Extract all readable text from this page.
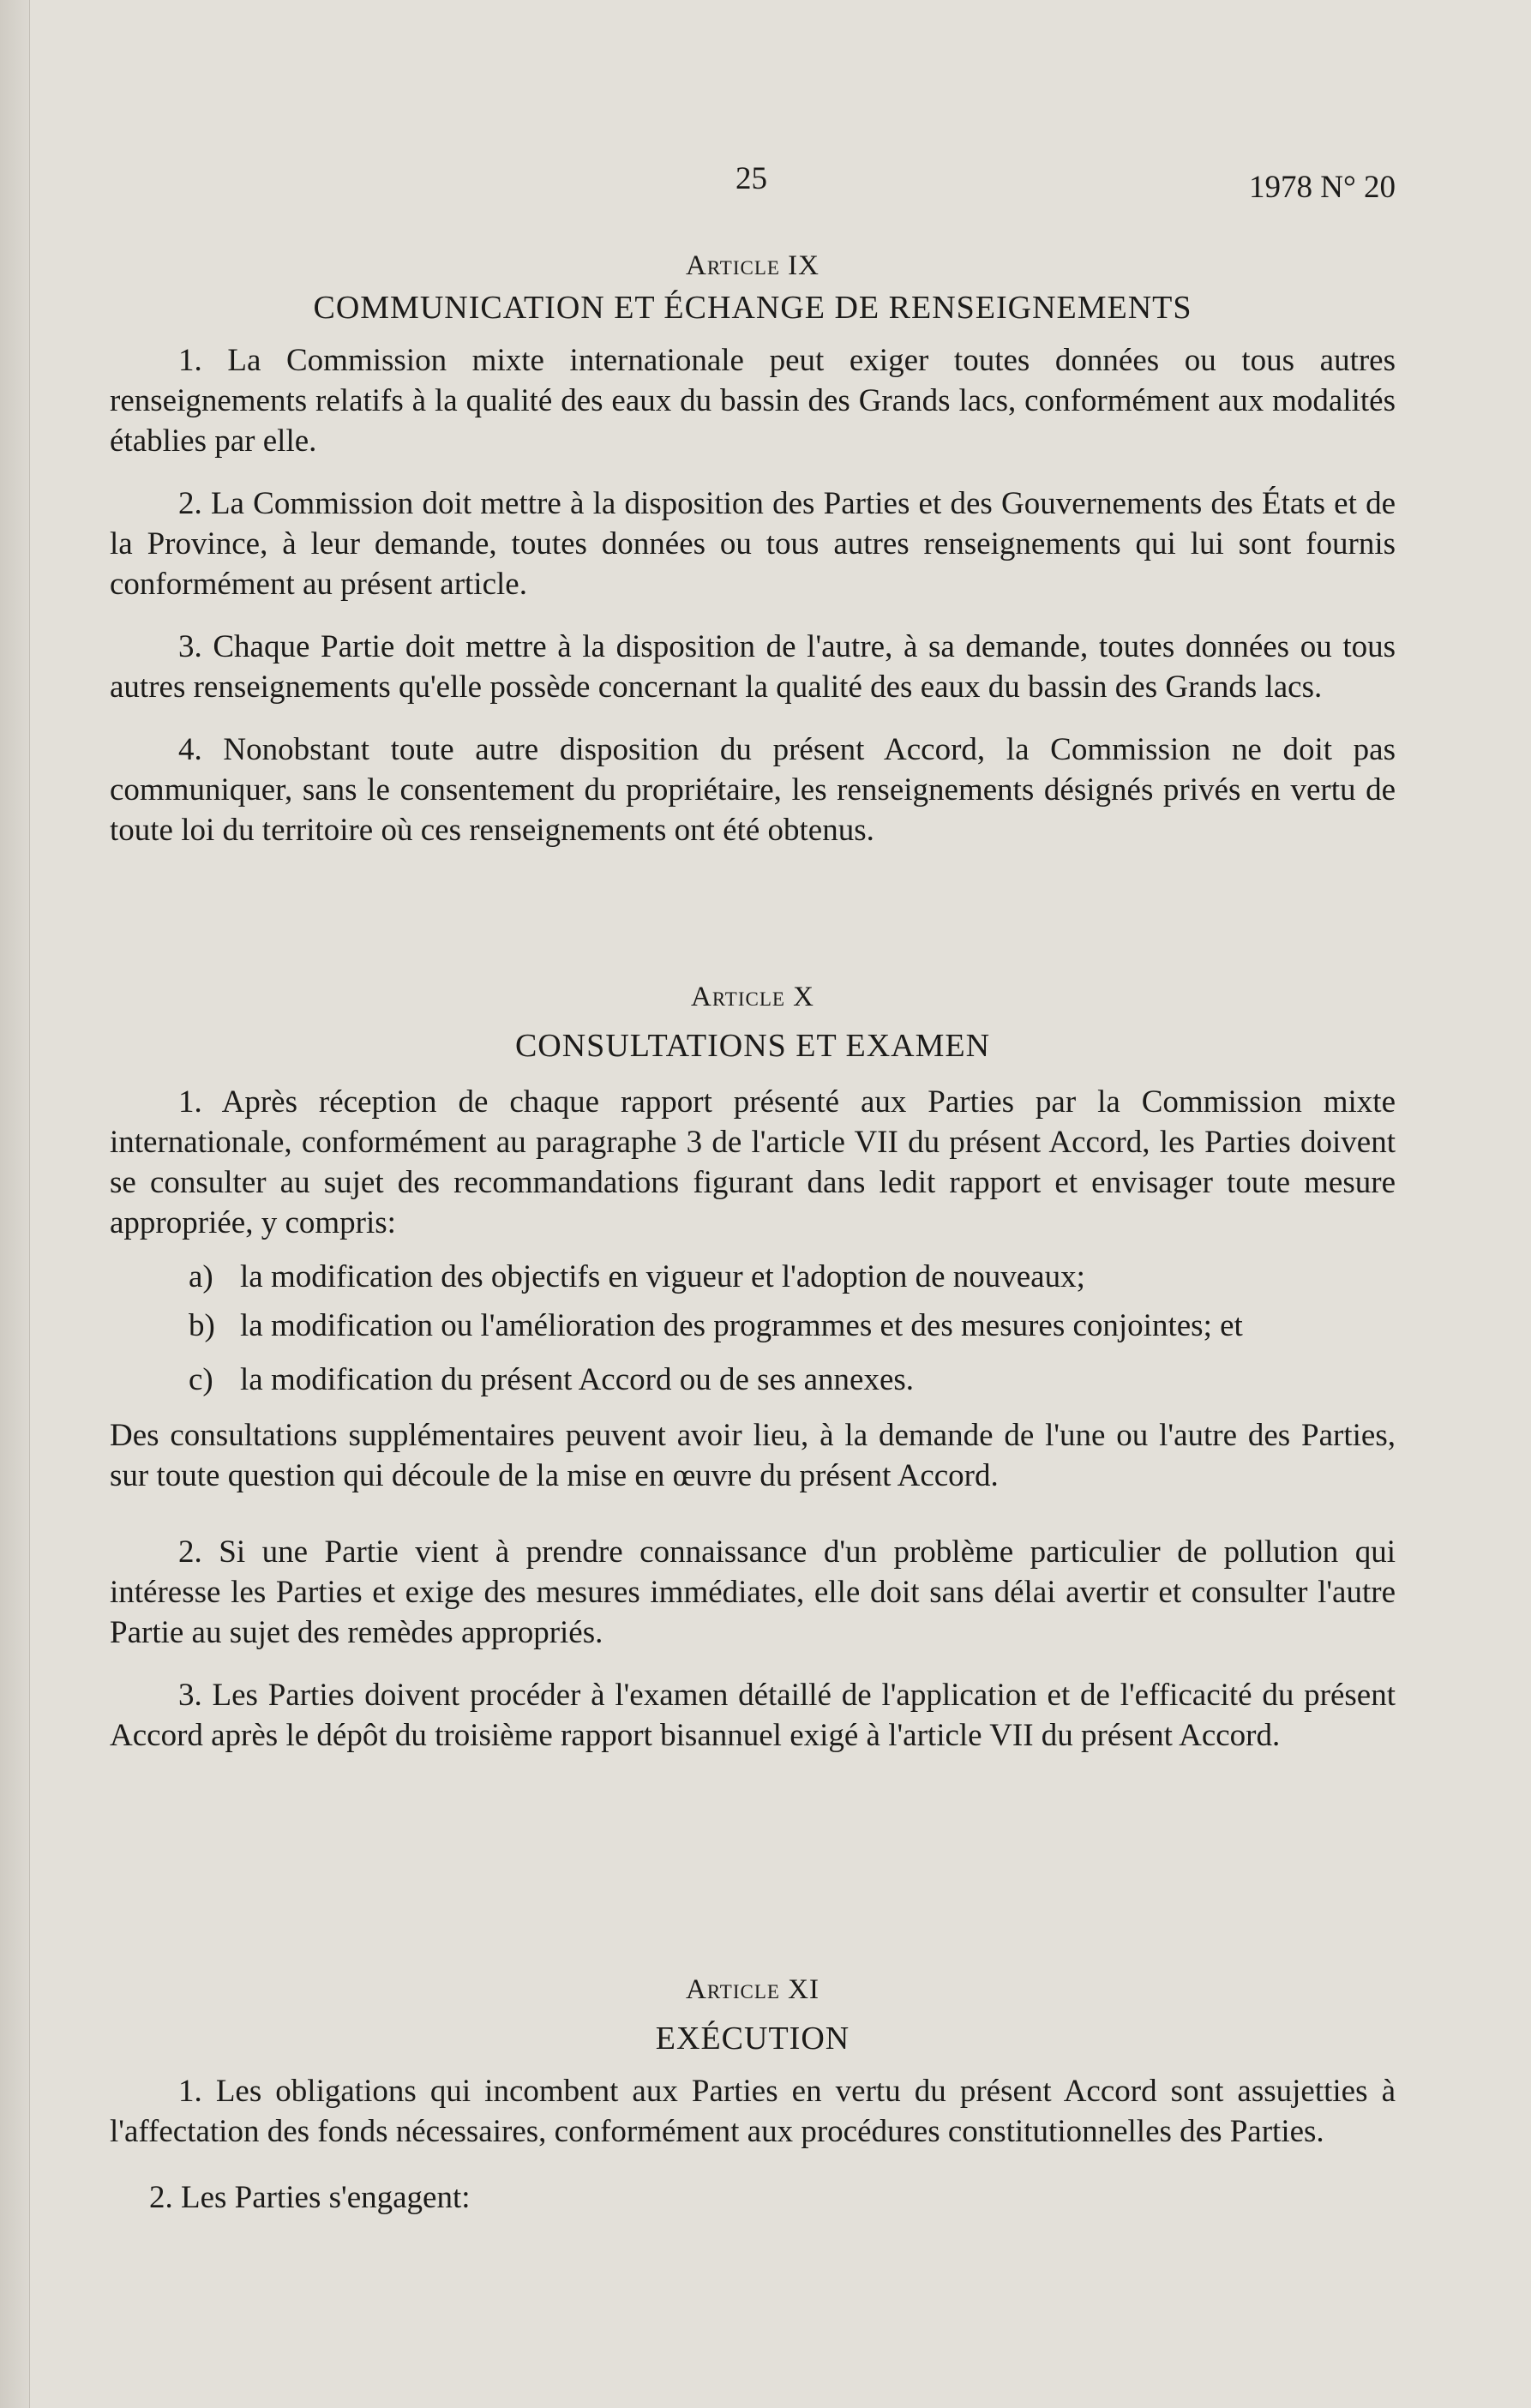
25	1978 N° 20
Article IX
COMMUNICATION ET ÉCHANGE DE RENSEIGNEMENTS

1. La Commission mixte internationale peut exiger toutes données ou tous autres renseignements relatifs à la qualité des eaux du bassin des Grands lacs, conformément aux modalités établies par elle.

2. La Commission doit mettre à la disposition des Parties et des Gouvernements des États et de la Province, à leur demande, toutes données ou tous autres renseignements qui lui sont fournis conformément au présent article.

3. Chaque Partie doit mettre à la disposition de l'autre, à sa demande, toutes données ou tous autres renseignements qu'elle possède concernant la qualité des eaux du bassin des Grands lacs.

4. Nonobstant toute autre disposition du présent Accord, la Commission ne doit pas communiquer, sans le consentement du propriétaire, les renseignements désignés privés en vertu de toute loi du territoire où ces renseignements ont été obtenus.

Article X
CONSULTATIONS ET EXAMEN

1. Après réception de chaque rapport présenté aux Parties par la Commission mixte internationale, conformément au paragraphe 3 de l'article VII du présent Accord, les Parties doivent se consulter au sujet des recommandations figurant dans ledit rapport et envisager toute mesure appropriée, y compris:

a) la modification des objectifs en vigueur et l'adoption de nouveaux;
b) la modification ou l'amélioration des programmes et des mesures conjointes; et
c) la modification du présent Accord ou de ses annexes.

Des consultations supplémentaires peuvent avoir lieu, à la demande de l'une ou l'autre des Parties, sur toute question qui découle de la mise en œuvre du présent Accord.

2. Si une Partie vient à prendre connaissance d'un problème particulier de pollution qui intéresse les Parties et exige des mesures immédiates, elle doit sans délai avertir et consulter l'autre Partie au sujet des remèdes appropriés.

3. Les Parties doivent procéder à l'examen détaillé de l'application et de l'efficacité du présent Accord après le dépôt du troisième rapport bisannuel exigé à l'article VII du présent Accord.

Article XI
EXÉCUTION

1. Les obligations qui incombent aux Parties en vertu du présent Accord sont assujetties à l'affectation des fonds nécessaires, conformément aux procédures constitutionnelles des Parties.

2. Les Parties s'engagent:
